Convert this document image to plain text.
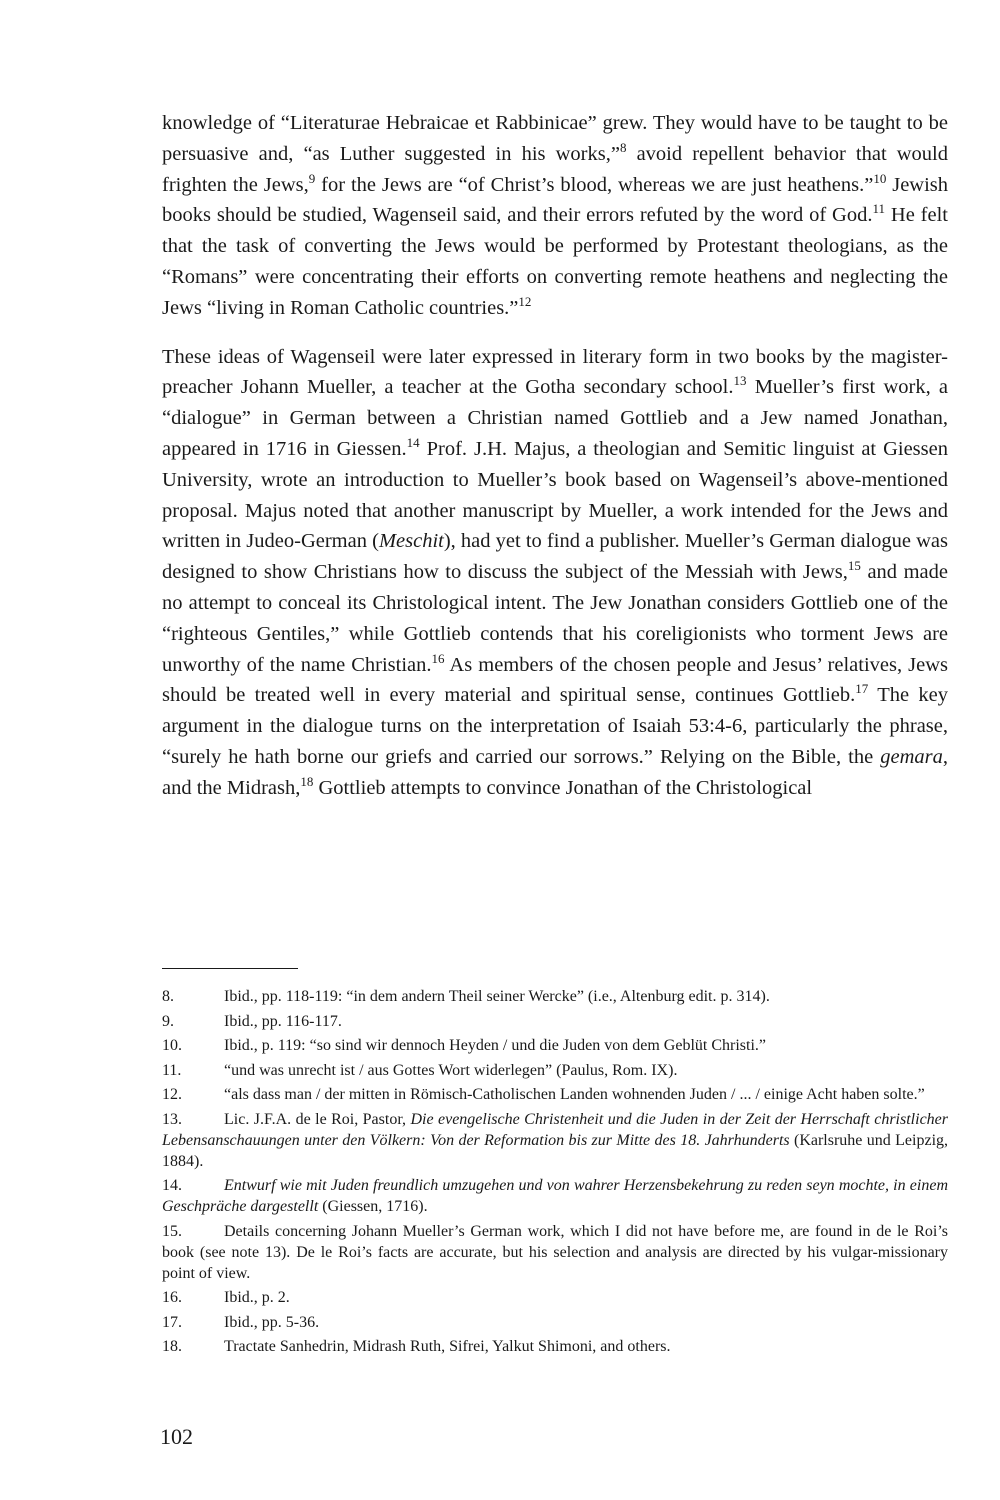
knowledge of “Literaturae Hebraicae et Rabbinicae” grew. They would have to be taught to be persuasive and, “as Luther suggested in his works,”$^8$ avoid repellent behavior that would frighten the Jews,$^9$ for the Jews are “of Christ’s blood, whereas we are just heathens.”$^{10}$ Jewish books should be studied, Wagenseil said, and their errors refuted by the word of God.$^{11}$ He felt that the task of converting the Jews would be performed by Protestant theologians, as the “Romans” were concentrating their efforts on converting remote heathens and neglecting the Jews “living in Roman Catholic countries.”$^{12}$

These ideas of Wagenseil were later expressed in literary form in two books by the magister-preacher Johann Mueller, a teacher at the Gotha secondary school.$^{13}$ Mueller’s first work, a “dialogue” in German between a Christian named Gottlieb and a Jew named Jonathan, appeared in 1716 in Giessen.$^{14}$ Prof. J.H. Majus, a theologian and Semitic linguist at Giessen University, wrote an introduction to Mueller’s book based on Wagenseil’s above-mentioned proposal. Majus noted that another manuscript by Mueller, a work intended for the Jews and written in Judeo-German (Meschit), had yet to find a publisher. Mueller’s German dialogue was designed to show Christians how to discuss the subject of the Messiah with Jews,$^{15}$ and made no attempt to conceal its Christological intent. The Jew Jonathan considers Gottlieb one of the “righteous Gentiles,” while Gottlieb contends that his coreligionists who torment Jews are unworthy of the name Christian.$^{16}$ As members of the chosen people and Jesus’ relatives, Jews should be treated well in every material and spiritual sense, continues Gottlieb.$^{17}$ The key argument in the dialogue turns on the interpretation of Isaiah 53:4-6, particularly the phrase, “surely he hath borne our griefs and carried our sorrows.” Relying on the Bible, the gemara, and the Midrash,$^{18}$ Gottlieb attempts to convince Jonathan of the Christological

8.	Ibid., pp. 118-119: “in dem andern Theil seiner Wercke” (i.e., Altenburg edit. p. 314).
9.	Ibid., pp. 116-117.
10.	Ibid., p. 119: “so sind wir dennoch Heyden / und die Juden von dem Geblüt Christi.”
11.	“und was unrecht ist / aus Gottes Wort widerlegen” (Paulus, Rom. IX).
12.	“als dass man / der mitten in Römisch-Catholischen Landen wohnenden Juden / ... / einige Acht haben solte.”
13.	Lic. J.F.A. de le Roi, Pastor, Die evengelische Christenheit und die Juden in der Zeit der Herrschaft christlicher Lebensanschauungen unter den Völkern: Von der Reformation bis zur Mitte des 18. Jahrhunderts (Karlsruhe und Leipzig, 1884).
14.	Entwurf wie mit Juden freundlich umzugehen und von wahrer Herzensbekehrung zu reden seyn mochte, in einem Geschpräche dargestellt (Giessen, 1716).
15.	Details concerning Johann Mueller’s German work, which I did not have before me, are found in de le Roi’s book (see note 13). De le Roi’s facts are accurate, but his selection and analysis are directed by his vulgar-missionary point of view.
16.	Ibid., p. 2.
17.	Ibid., pp. 5-36.
18.	Tractate Sanhedrin, Midrash Ruth, Sifrei, Yalkut Shimoni, and others.
102
